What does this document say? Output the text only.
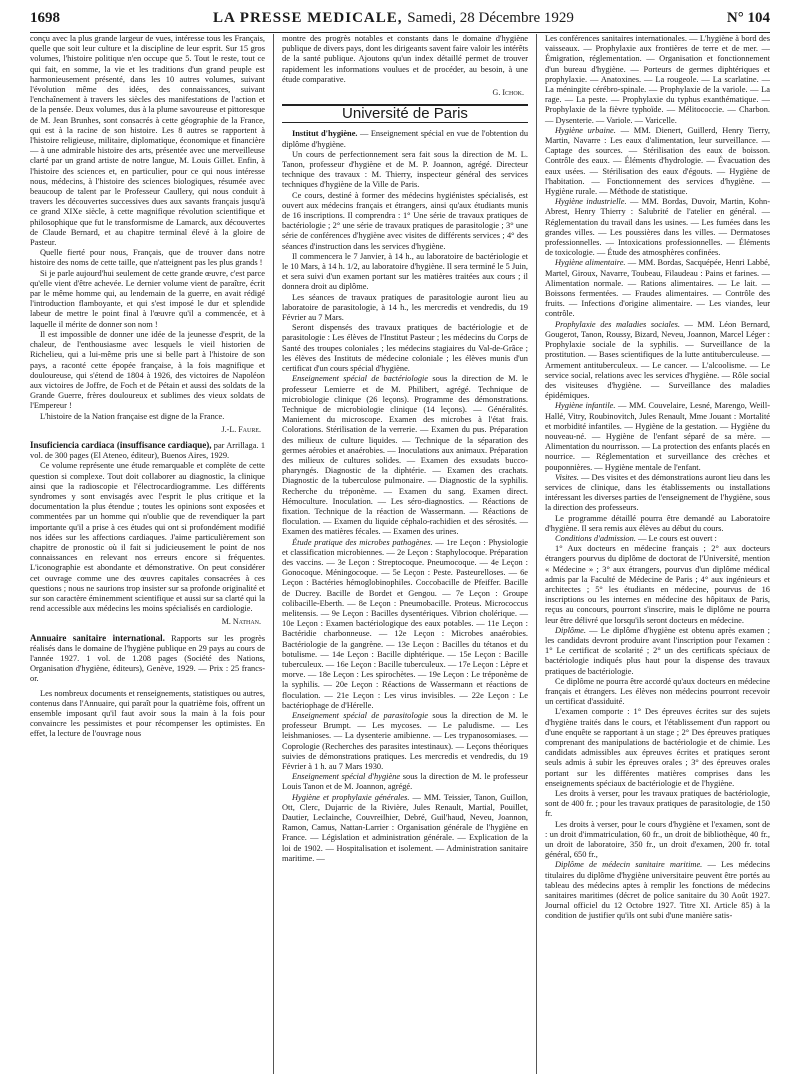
1698	LA PRESSE MEDICALE, Samedi, 28 Décembre 1929	N° 104

conçu avec la plus grande largeur de vues, intéresse tous les Français, quelle que soit leur culture et la discipline de leur esprit. Sur 15 gros volumes, l'histoire politique n'en occupe que 5. Tout le reste, tout ce qui fait, en somme, la vie et les traditions d'un grand peuple est harmonieusement présenté, dans les 10 autres volumes, suivant l'évolution même des idées, des connaissances, suivant l'enchaînement à travers les siècles des manifestations de l'action et de la pensée. Deux volumes, dus à la plume savoureuse et pittoresque de M. Jean Brunhes, sont consacrés à cette géographie de la France, qui est à la racine de son histoire. Les 8 autres se rapportent à l'histoire religieuse, militaire, diplomatique, économique et financière — à une admirable histoire des arts, présentée avec une merveilleuse clarté par un grand artiste de notre langue, M. Louis Gillet. Enfin, à l'histoire des sciences et, en particulier, pour ce qui nous intéresse nous, médecins, à l'histoire des sciences biologiques, résumée avec beaucoup de talent par le Professeur Caullery, qui nous conduit à travers les découvertes successives dues aux savants français jusqu'à ce grand XIXe siècle, à cette magnifique révolution scientifique et philosophique que fut le transformisme de Lamarck, aux découvertes de Claude Bernard, et au chapitre terminal élevé à la gloire de Pasteur.

Quelle fierté pour nous, Français, que de trouver dans notre histoire des noms de cette taille, que n'atteignent pas les plus grands !

Si je parle aujourd'hui seulement de cette grande œuvre, c'est parce qu'elle vient d'être achevée. Le dernier volume vient de paraître, écrit par le même homme qui, au lendemain de la guerre, en avait rédigé l'introduction flamboyante, et qui s'est imposé le dur et splendide labeur de mettre le point final à l'œuvre qu'il a commencée, et à laquelle il mérite de donner son nom !

Il est impossible de donner une idée de la jeunesse d'esprit, de la chaleur, de l'enthousiasme avec lesquels le vieil historien de Richelieu, qui a lui-même pris une si belle part à l'histoire de son pays, a raconté cette épopée française, à la fois magnifique et douloureuse, qui s'étend de 1804 à 1926, des victoires de Napoléon aux victoires de Joffre, de Foch et de Pétain et aussi des soldats de la Grande Guerre, frères douloureux et sublimes des vieux soldats de l'Empereur !

L'histoire de la Nation française est digne de la France.

J.-L. Faure.

Insuficiencia cardiaca (insuffisance cardiaque), par Arrillaga. 1 vol. de 300 pages (El Ateneo, éditeur), Buenos Aires, 1929.

Ce volume représente une étude remarquable et complète de cette question si complexe. Tout doit collaborer au diagnostic, la clinique ainsi que la radioscopie et l'électrocardiogramme. Les différents syndromes y sont envisagés avec l'esprit le plus critique et la documentation la plus étendue ; toutes les opinions sont exposées et commentées par un homme qui n'oublie que de revendiquer la part importante qu'il a prise à ces études qui ont si profondément modifié nos idées sur les affections cardiaques. J'aime particulièrement son chapitre de pronostic où il fait si judicieusement le point de nos connaissances en relevant nos erreurs encore si fréquentes. L'iconographie est abondante et démonstrative. On peut considérer cet ouvrage comme une des œuvres capitales consacrées à ces questions ; nous ne saurions trop insister sur sa profonde originalité et sur son caractère éminemment scientifique et aussi sur sa clarté qui la rend accessible aux médecins les moins spécialisés en cardiologie.

M. Nathan.

Annuaire sanitaire international. Rapports sur les progrès réalisés dans le domaine de l'hygiène publique en 29 pays au cours de l'année 1927. 1 vol. de 1.208 pages (Société des Nations, Organisation d'hygiène, éditeurs), Genève, 1929. — Prix : 25 francs-or.

Les nombreux documents et renseignements, statistiques ou autres, contenus dans l'Annuaire, qui paraît pour la quatrième fois, offrent un ensemble imposant qu'il faut avoir sous la main à la fois pour convaincre les pessimistes et pour récompenser les optimistes. En effet, la lecture de l'ouvrage nous

montre des progrès notables et constants dans le domaine d'hygiène publique de divers pays, dont les dirigeants savent faire valoir les intérêts de la santé publique. Ajoutons qu'un index détaillé permet de trouver rapidement les informations voulues et de procéder, au besoin, à une étude comparative.

G. Ichok.
Université de Paris

Institut d'hygiène. — Enseignement spécial en vue de l'obtention du diplôme d'hygiène.

Un cours de perfectionnement sera fait sous la direction de M. L. Tanon, professeur d'hygiène et de M. P. Joannon, agrégé. Directeur technique des travaux : M. Thierry, inspecteur général des services techniques d'hygiène de la Ville de Paris.

Ce cours, destiné à former des médecins hygiénistes spécialisés, est ouvert aux médecins français et étrangers, ainsi qu'aux étudiants munis de 16 inscriptions. Il comprendra : 1° Une série de travaux pratiques de bactériologie ; 2° une série de travaux pratiques de parasitologie ; 3° une série de conférences d'hygiène avec visites de différents services ; 4° des séances d'instruction dans les services d'hygiène.

Il commencera le 7 Janvier, à 14 h., au laboratoire de bactériologie et le 10 Mars, à 14 h. 1/2, au laboratoire d'hygiène. Il sera terminé le 5 Juin, et sera suivi d'un examen portant sur les matières traitées aux cours ; il donnera droit au diplôme.

Les séances de travaux pratiques de parasitologie auront lieu au laboratoire de parasitologie, à 14 h., les mercredis et vendredis, du 19 Février au 7 Mars.

Seront dispensés des travaux pratiques de bactériologie et de parasitologie : Les élèves de l'Institut Pasteur ; les médecins du Corps de Santé des troupes coloniales ; les médecins stagiaires du Val-de-Grâce ; les élèves des Instituts de médecine coloniale ; les élèves munis d'un certificat d'un cours spécial d'hygiène.

Enseignement spécial de bactériologie sous la direction de M. le professeur Lemierre et de M. Philibert, agrégé. Technique de microbiologie clinique (26 leçons). Programme des démonstrations. Technique de microbiologie clinique (14 leçons). — Généralités. Maniement du microscope. Examen des microbes à l'état frais. Colorations. Stérilisation de la verrerie. — Examen du pus. Préparation des milieux de culture liquides. — Technique de la séparation des germes aérobies et anaérobies. — Inoculations aux animaux. Préparation des milieux de cultures solides. — Examen des exsudats bucco-pharyngés. Diagnostic de la diphtérie. — Examen des crachats. Diagnostic de la tuberculose pulmonaire. — Diagnostic de la syphilis. Recherche du tréponème. — Examen du sang. Examen direct. Hémoculture. Inoculation. — Les séro-diagnostics. — Réactions de fixation. Technique de la réaction de Wassermann. — Réactions de floculation. — Examen du liquide céphalo-rachidien et des sérosités. — Examen des matières fécales. — Examen des urines.

Étude pratique des microbes pathogènes. — 1re Leçon : Physiologie et classification microbiennes. — 2e Leçon : Staphylocoque. Préparation des vaccins. — 3e Leçon : Streptocoque. Pneumocoque. — 4e Leçon : Gonocoque. Méningocoque. — 5e Leçon : Peste. Pasteurelloses. — 6e Leçon : Bactéries hémoglobinophiles. Coccobacille de Pfeiffer. Bacille de Ducrey. Bacille de Bordet et Gengou. — 7e Leçon : Groupe colibacille-Eberth. — 8e Leçon : Pneumobacille. Proteus. Micrococcus melitensis. — 9e Leçon : Bacilles dysentériques. Vibrion cholérique. — 10e Leçon : Examen bactériologique des eaux potables. — 11e Leçon : Bactéridie charbonneuse. — 12e Leçon : Microbes anaérobies. Bactériologie de la gangrène. — 13e Leçon : Bacilles du tétanos et du botulisme. — 14e Leçon : Bacille diphtérique. — 15e Leçon : Bacille tuberculeux. — 16e Leçon : Bacille tuberculeux. — 17e Leçon : Lèpre et morve. — 18e Leçon : Les spirochètes. — 19e Leçon : Le tréponème de la syphilis. — 20e Leçon : Réactions de Wassermann et réactions de floculation. — 21e Leçon : Les virus invisibles. — 22e Leçon : Le bactériophage de d'Hérelle.

Enseignement spécial de parasitologie sous la direction de M. le professeur Brumpt. — Les mycoses. — Le paludisme. — Les leishmanioses. — La dysenterie amibienne. — Les trypanosomiases. — Coprologie (Recherches des parasites intestinaux). — Leçons théoriques suivies de démonstrations pratiques. Les mercredis et vendredis, du 19 Février à 1 h. au 7 Mars 1930.

Enseignement spécial d'hygiène sous la direction de M. le professeur Louis Tanon et de M. Joannon, agrégé.

Hygiène et prophylaxie générales. — MM. Teissier, Tanon, Guillon, Ott, Clerc, Dujarric de la Rivière, Jules Renault, Martial, Pouillet, Dautier, Leclainche, Couvreilhier, Debré, Guil'haud, Neveu, Joannon, Ramon, Camus, Nattan-Larrier : Organisation générale de l'hygiène en France. — Législation et administration générale. — Explication de la loi de 1902. — Hospitalisation et isolement. — Administration sanitaire maritime. —

Les conférences sanitaires internationales. — L'hygiène à bord des vaisseaux. — Prophylaxie aux frontières de terre et de mer. — Émigration, réglementation. — Organisation et fonctionnement d'un bureau d'hygiène. — Porteurs de germes diphtériques et prophylaxie. — Anatoxines. — La rougeole. — La scarlatine. — La méningite cérébro-spinale. — Prophylaxie de la variole. — La rage. — La peste. — Prophylaxie du typhus exanthématique. — Prophylaxie de la fièvre typhoïde. — Mélitococcie. — Charbon. — Dysenterie. — Variole. — Varicelle.

Hygiène urbaine. — MM. Dienert, Guillerd, Henry Tierry, Martin, Navarre : Les eaux d'alimentation, leur surveillance. — Captage des sources. — Stérilisation des eaux de boisson. Contrôle des eaux. — Éléments d'hydrologie. — Évacuation des eaux usées. — Stérilisation des eaux d'égouts. — Hygiène de l'habitation. — Fonctionnement des services d'hygiène. — Hygiène rurale. — Méthode de statistique.

Hygiène industrielle. — MM. Bordas, Duvoir, Martin, Kohn-Abrest, Henry Thierry : Salubrité de l'atelier en général. — Réglementation du travail dans les usines. — Les fumées dans les grandes villes. — Les poussières dans les villes. — Dermatoses professionnelles. — Intoxications professionnelles. — Éléments de toxicologie. — Étude des atmosphères confinées.

Hygiène alimentaire. — MM. Bordas, Sacquépée, Henri Labbé, Martel, Giroux, Navarre, Toubeau, Filaudeau : Pains et farines. — Alimentation normale. — Rations alimentaires. — Le lait. — Boissons fermentées. — Fraudes alimentaires. — Contrôle des fruits. — Infections d'origine alimentaire. — Les viandes, leur contrôle.

Prophylaxie des maladies sociales. — MM. Léon Bernard, Gougerot, Tanon, Roussy, Bizard, Neveu, Joannon, Marcel Léger : Prophylaxie sociale de la syphilis. — Surveillance de la prostitution. — Bases scientifiques de la lutte antituberculeuse. — Armement antituberculeux. — Le cancer. — L'alcoolisme. — Le service social, relations avec les services d'hygiène. — Rôle social des visiteuses d'hygiène. — Surveillance des maladies épidémiques.

Hygiène infantile. — MM. Couvelaire, Lesné, Marengo, Weill-Hallé, Vitry, Roubinovitch, Jules Renault, Mme Jouant : Mortalité et morbidité infantiles. — Hygiène de la gestation. — Hygiène du nouveau-né. — Hygiène de l'enfant séparé de sa mère. — Alimentation du nourrisson. — La protection des enfants placés en nourrice. — Réglementation et surveillance des crèches et pouponnières. — Hygiène mentale de l'enfant.

Visites. — Des visites et des démonstrations auront lieu dans les services de clinique, dans les établissements ou installations intéressant les diverses parties de l'enseignement de l'hygiène, sous la direction des professeurs.

Le programme détaillé pourra être demandé au Laboratoire d'hygiène. Il sera remis aux élèves au début du cours.

Conditions d'admission. — Le cours est ouvert :

1° Aux docteurs en médecine français ; 2° aux docteurs étrangers pourvus du diplôme de doctorat de l'Université, mention « Médecine » ; 3° aux étrangers, pourvus d'un diplôme médical admis par la Faculté de Médecine de Paris ; 4° aux ingénieurs et architectes ; 5° les étudiants en médecine, pourvus de 16 inscriptions ou les internes en médecine des hôpitaux de Paris, reçus au concours, pourront s'inscrire, mais le diplôme ne pourra leur être délivré que lorsqu'ils seront docteurs en médecine.

Diplôme. — Le diplôme d'hygiène est obtenu après examen ; les candidats devront produire avant l'inscription pour l'examen : 1° Le certificat de scolarité ; 2° un des certificats spéciaux de bactériologie indiqués plus haut pour la dispense des travaux pratiques de bactériologie.

Ce diplôme ne pourra être accordé qu'aux docteurs en médecine français et étrangers. Les élèves non médecins pourront recevoir un certificat d'assiduité.

L'examen comporte : 1° Des épreuves écrites sur des sujets d'hygiène traités dans le cours, et l'établissement d'un rapport ou d'une enquête se rapportant à un stage ; 2° Des épreuves pratiques comprenant des manipulations de bactériologie et de chimie. Les candidats admissibles aux épreuves écrites et pratiques seront seuls admis à subir les épreuves orales ; 3° des épreuves orales portant sur les différentes matières comprises dans les enseignements spéciaux de bactériologie et de l'hygiène.

Les droits à verser, pour les travaux pratiques de bactériologie, sont de 400 fr. ; pour les travaux pratiques de parasitologie, de 150 fr.

Les droits à verser, pour le cours d'hygiène et l'examen, sont de : un droit d'immatriculation, 60 fr., un droit de bibliothèque, 40 fr., un droit de laboratoire, 350 fr., un droit d'examen, 200 fr. total général, 650 fr.,

Diplôme de médecin sanitaire maritime. — Les médecins titulaires du diplôme d'hygiène universitaire peuvent être portés au tableau des médecins aptes à remplir les fonctions de médecins sanitaires maritimes (décret de police sanitaire du 30 Août 1927. Journal officiel du 12 Octobre 1927. Titre XI. Article 85) à la condition de justifier qu'ils ont subi d'une manière satis-
